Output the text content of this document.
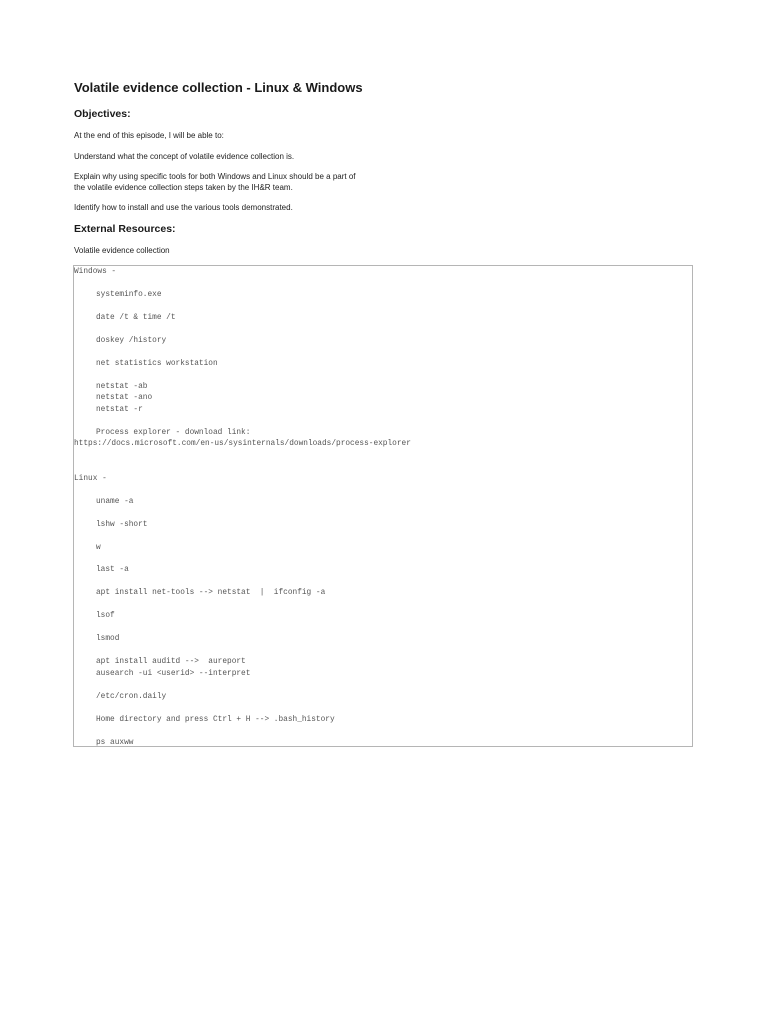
Volatile evidence collection - Linux & Windows
Objectives:

At the end of this episode, I will be able to:

Understand what the concept of volatile evidence collection is.

Explain why using specific tools for both Windows and Linux should be a part of

the volatile evidence collection steps taken by the IH&R team.

Identify how to install and use the various tools demonstrated.

External Resources:

Volatile evidence collection

Windows -
systeminfo.exe
date /t & time /t
doskey /history
net statistics workstation
netstat -ab
netstat -ano
netstat -r
Process explorer - download link:
https://docs.microsoft.com/en-us/sysinternals/downloads/process-explorer
Linux -
uname -a
lshw -short
w
last -a
apt install net-tools --> netstat  |  ifconfig -a
lsof
lsmod
apt install auditd -->  aureport
ausearch -ui <userid> --interpret
/etc/cron.daily
Home directory and press Ctrl + H --> .bash_history
ps auxww
